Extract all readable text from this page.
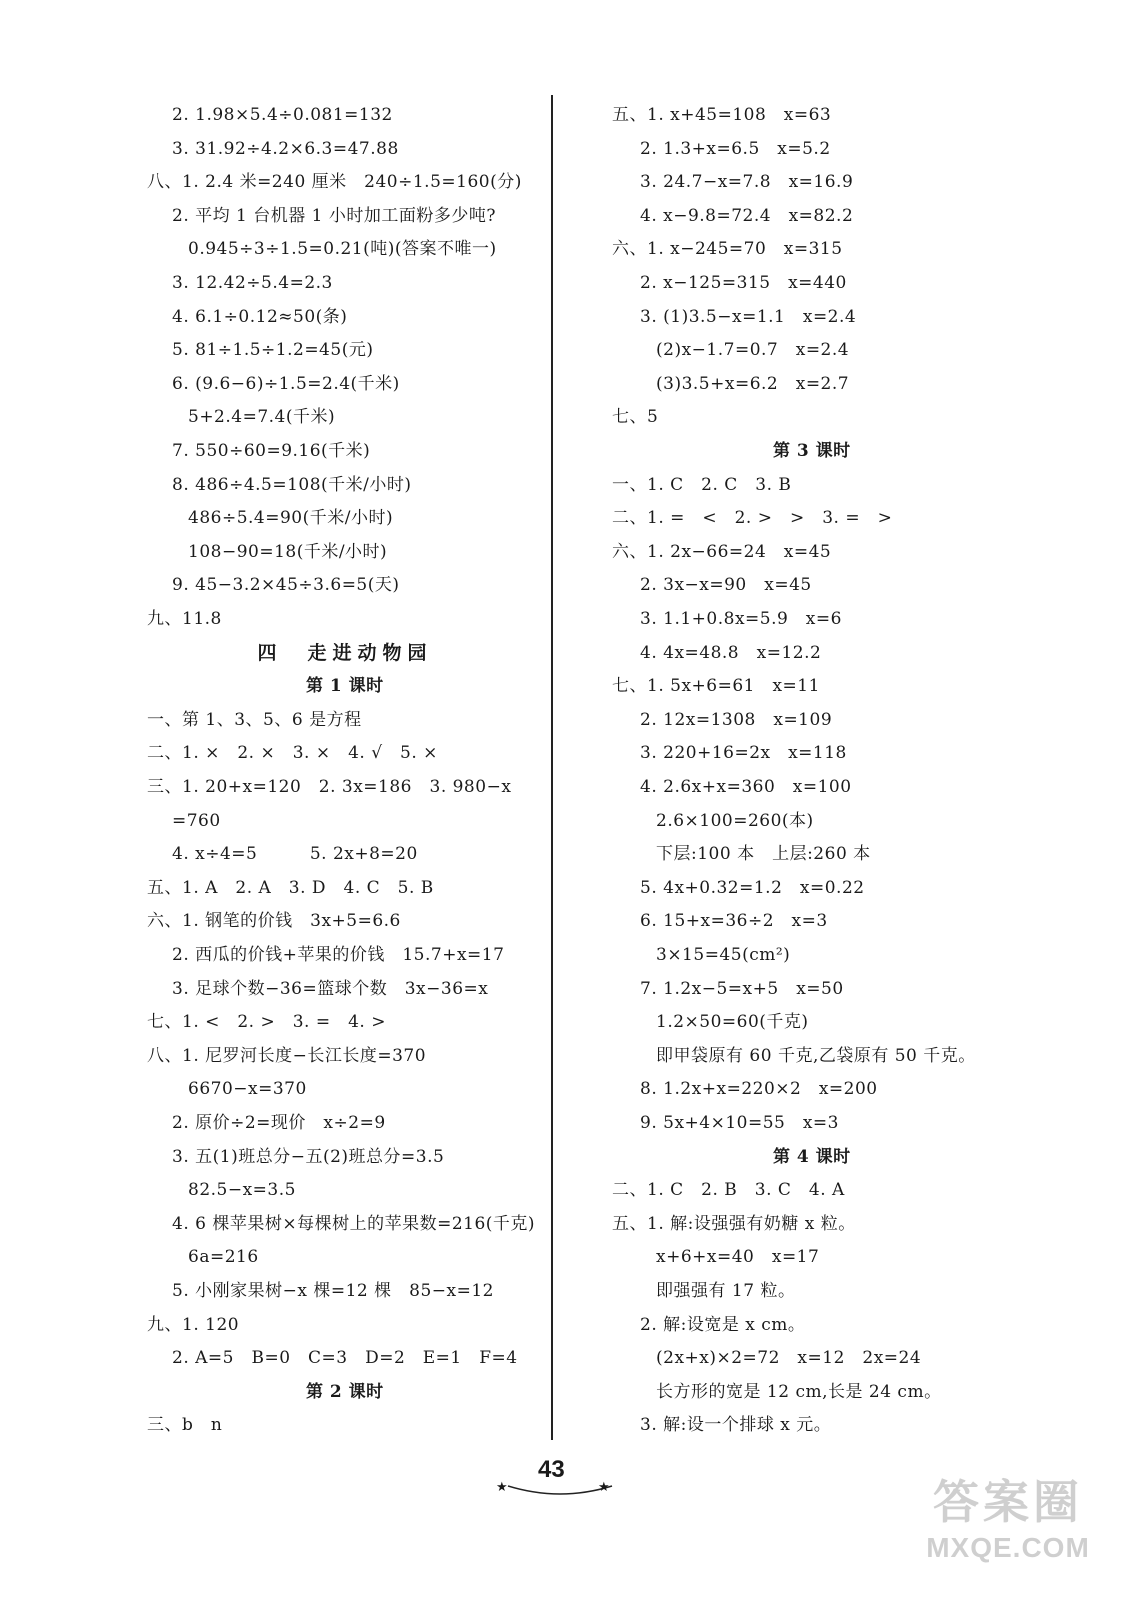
2. 1.98×5.4÷0.081=132
3. 31.92÷4.2×6.3=47.88
八、1. 2.4 米=240 厘米　240÷1.5=160(分)
2. 平均 1 台机器 1 小时加工面粉多少吨?
0.945÷3÷1.5=0.21(吨)(答案不唯一)
3. 12.42÷5.4=2.3
4. 6.1÷0.12≈50(条)
5. 81÷1.5÷1.2=45(元)
6. (9.6−6)÷1.5=2.4(千米)
5+2.4=7.4(千米)
7. 550÷60=9.16(千米)
8. 486÷4.5=108(千米/小时)
486÷5.4=90(千米/小时)
108−90=18(千米/小时)
9. 45−3.2×45÷3.6=5(天)
九、11.8
四　走进动物园
第 1 课时
一、第 1、3、5、6 是方程
二、1. ×　2. ×　3. ×　4. √　5. ×
三、1. 20+x=120　2. 3x=186　3. 980−x
=760
4. x÷4=5　　　5. 2x+8=20
五、1. A　2. A　3. D　4. C　5. B
六、1. 钢笔的价钱　3x+5=6.6
2. 西瓜的价钱+苹果的价钱　15.7+x=17
3. 足球个数−36=篮球个数　3x−36=x
七、1. <　2. >　3. =　4. >
八、1. 尼罗河长度−长江长度=370
6670−x=370
2. 原价÷2=现价　x÷2=9
3. 五(1)班总分−五(2)班总分=3.5
82.5−x=3.5
4. 6 棵苹果树×每棵树上的苹果数=216(千克)
6a=216
5. 小刚家果树−x 棵=12 棵　85−x=12
九、1. 120
2. A=5　B=0　C=3　D=2　E=1　F=4
第 2 课时
三、b　n
五、1. x+45=108　x=63
2. 1.3+x=6.5　x=5.2
3. 24.7−x=7.8　x=16.9
4. x−9.8=72.4　x=82.2
六、1. x−245=70　x=315
2. x−125=315　x=440
3. (1)3.5−x=1.1　x=2.4
(2)x−1.7=0.7　x=2.4
(3)3.5+x=6.2　x=2.7
七、5
第 3 课时
一、1. C　2. C　3. B
二、1. =　<　2. >　>　3. =　>
六、1. 2x−66=24　x=45
2. 3x−x=90　x=45
3. 1.1+0.8x=5.9　x=6
4. 4x=48.8　x=12.2
七、1. 5x+6=61　x=11
2. 12x=1308　x=109
3. 220+16=2x　x=118
4. 2.6x+x=360　x=100
2.6×100=260(本)
下层:100 本　上层:260 本
5. 4x+0.32=1.2　x=0.22
6. 15+x=36÷2　x=3
3×15=45(cm²)
7. 1.2x−5=x+5　x=50
1.2×50=60(千克)
即甲袋原有 60 千克,乙袋原有 50 千克。
8. 1.2x+x=220×2　x=200
9. 5x+4×10=55　x=3
第 4 课时
二、1. C　2. B　3. C　4. A
五、1. 解:设强强有奶糖 x 粒。
x+6+x=40　x=17
即强强有 17 粒。
2. 解:设宽是 x cm。
(2x+x)×2=72　x=12　2x=24
长方形的宽是 12 cm,长是 24 cm。
3. 解:设一个排球 x 元。
43
★	★	答案圈
MXQE.COM
